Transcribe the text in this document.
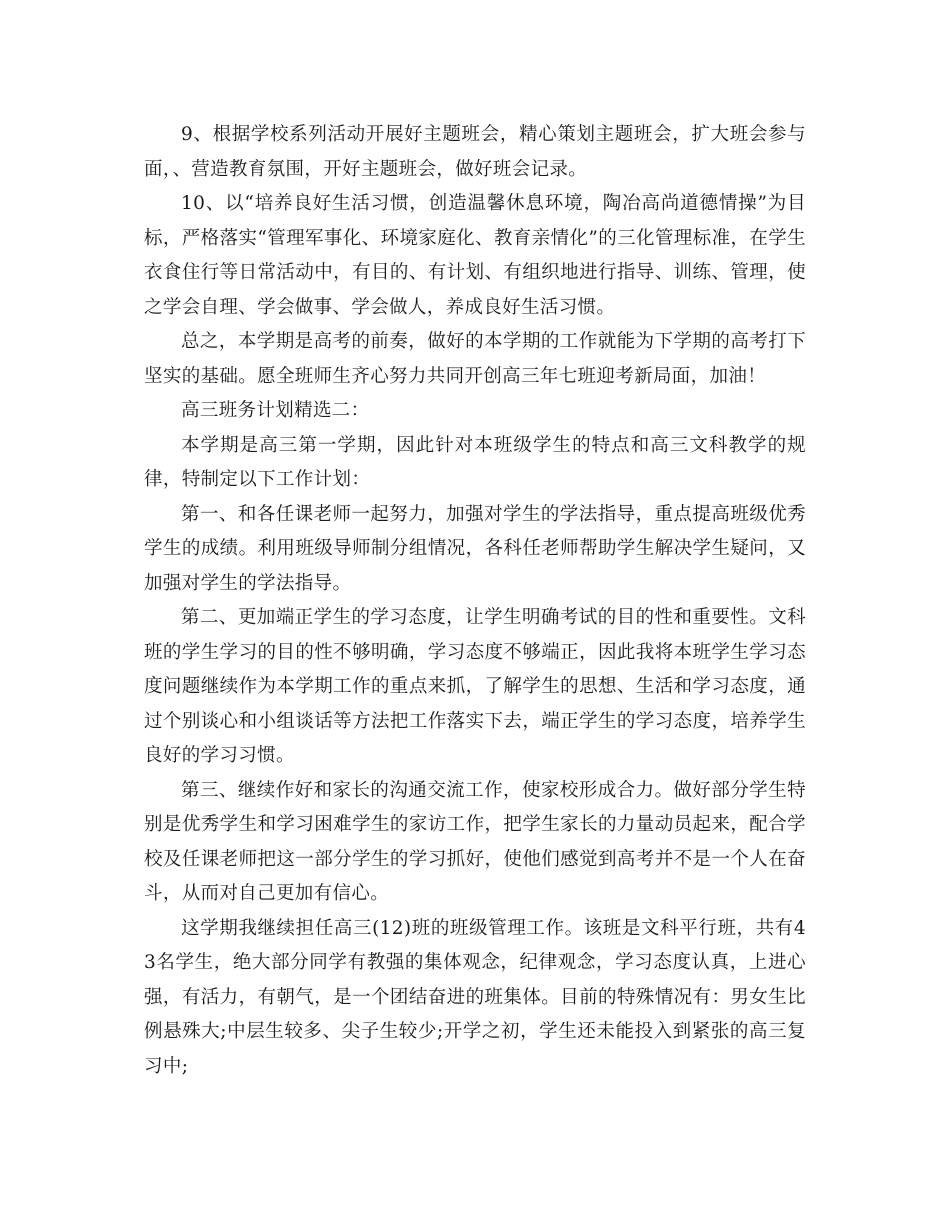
9、根据学校系列活动开展好主题班会，精心策划主题班会，扩大班会参与面，、营造教育氛围，开好主题班会，做好班会记录。

10、以“培养良好生活习惯，创造温馨休息环境，陶冶高尚道德情操”为目标，严格落实“管理军事化、环境家庭化、教育亲情化”的三化管理标准，在学生衣食住行等日常活动中，有目的、有计划、有组织地进行指导、训练、管理，使之学会自理、学会做事、学会做人，养成良好生活习惯。

总之，本学期是高考的前奏，做好的本学期的工作就能为下学期的高考打下坚实的基础。愿全班师生齐心努力共同开创高三年七班迎考新局面，加油！

高三班务计划精选二：

本学期是高三第一学期，因此针对本班级学生的特点和高三文科教学的规律，特制定以下工作计划：

第一、和各任课老师一起努力，加强对学生的学法指导，重点提高班级优秀学生的成绩。利用班级导师制分组情况，各科任老师帮助学生解决学生疑问，又加强对学生的学法指导。

第二、更加端正学生的学习态度，让学生明确考试的目的性和重要性。文科班的学生学习的目的性不够明确，学习态度不够端正，因此我将本班学生学习态度问题继续作为本学期工作的重点来抓，了解学生的思想、生活和学习态度，通过个别谈心和小组谈话等方法把工作落实下去，端正学生的学习态度，培养学生良好的学习习惯。

第三、继续作好和家长的沟通交流工作，使家校形成合力。做好部分学生特别是优秀学生和学习困难学生的家访工作，把学生家长的力量动员起来，配合学校及任课老师把这一部分学生的学习抓好，使他们感觉到高考并不是一个人在奋斗，从而对自己更加有信心。

这学期我继续担任高三(12)班的班级管理工作。该班是文科平行班，共有43名学生，绝大部分同学有教强的集体观念，纪律观念，学习态度认真，上进心强，有活力，有朝气，是一个团结奋进的班集体。目前的特殊情况有：男女生比例悬殊大;中层生较多、尖子生较少;开学之初，学生还未能投入到紧张的高三复习中;
